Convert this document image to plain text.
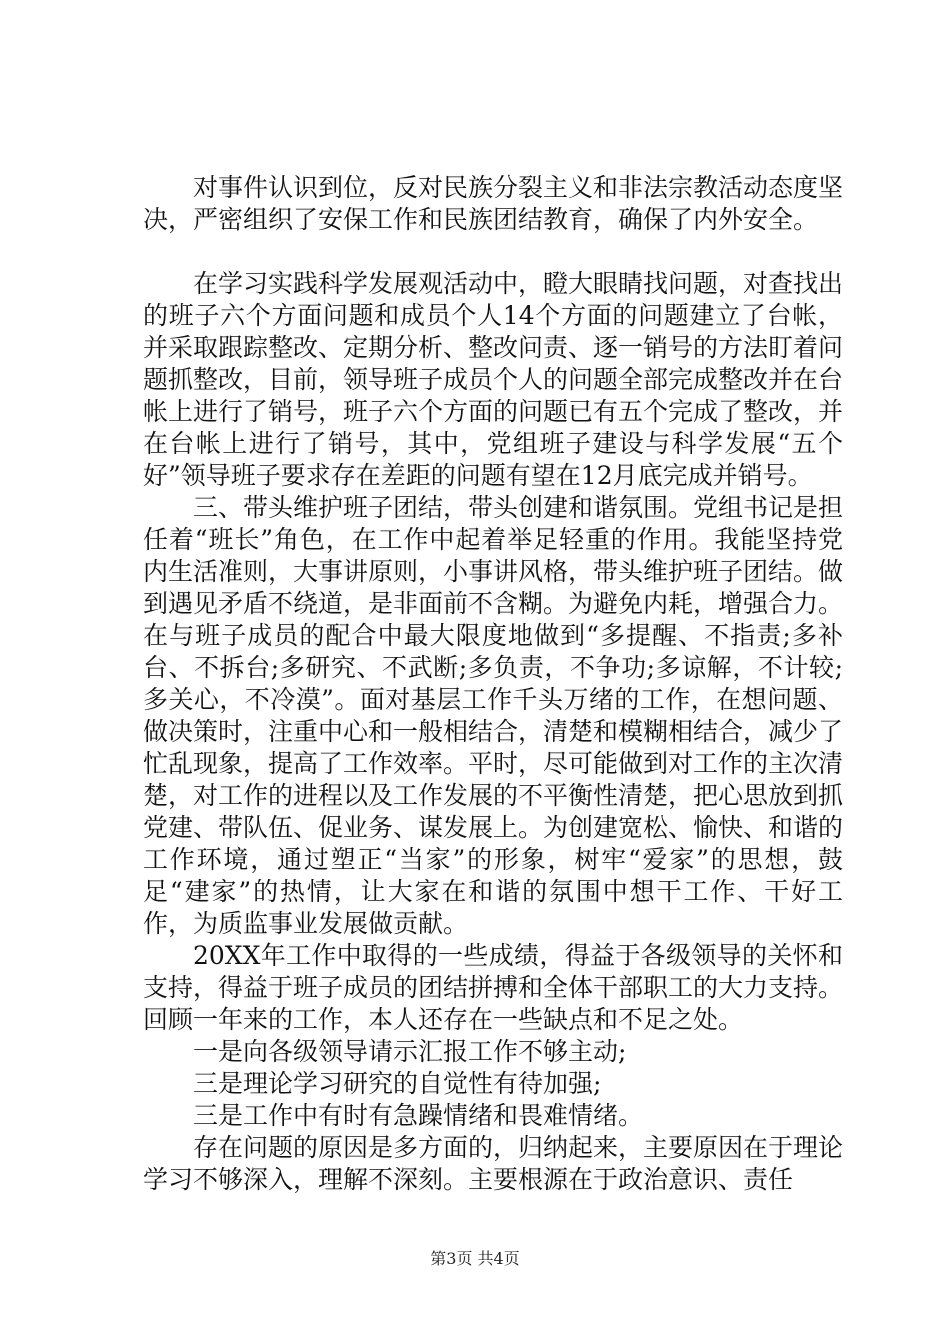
对事件认识到位，反对民族分裂主义和非法宗教活动态度坚决，严密组织了安保工作和民族团结教育，确保了内外安全。

在学习实践科学发展观活动中，瞪大眼睛找问题，对查找出的班子六个方面问题和成员个人14个方面的问题建立了台帐，并采取跟踪整改、定期分析、整改问责、逐一销号的方法盯着问题抓整改，目前，领导班子成员个人的问题全部完成整改并在台帐上进行了销号，班子六个方面的问题已有五个完成了整改，并在台帐上进行了销号，其中，党组班子建设与科学发展“五个好”领导班子要求存在差距的问题有望在12月底完成并销号。

三、带头维护班子团结，带头创建和谐氛围。党组书记是担任着“班长”角色，在工作中起着举足轻重的作用。我能坚持党内生活准则，大事讲原则，小事讲风格，带头维护班子团结。做到遇见矛盾不绕道，是非面前不含糊。为避免内耗，增强合力。在与班子成员的配合中最大限度地做到“多提醒、不指责;多补台、不拆台;多研究、不武断;多负责，不争功;多谅解，不计较;多关心，不冷漠”。面对基层工作千头万绪的工作，在想问题、做决策时，注重中心和一般相结合，清楚和模糊相结合，减少了忙乱现象，提高了工作效率。平时，尽可能做到对工作的主次清楚，对工作的进程以及工作发展的不平衡性清楚，把心思放到抓党建、带队伍、促业务、谋发展上。为创建宽松、愉快、和谐的工作环境，通过塑正“当家”的形象，树牢“爱家”的思想，鼓足“建家”的热情，让大家在和谐的氛围中想干工作、干好工作，为质监事业发展做贡献。

20XX年工作中取得的一些成绩，得益于各级领导的关怀和支持，得益于班子成员的团结拼搏和全体干部职工的大力支持。回顾一年来的工作，本人还存在一些缺点和不足之处。

一是向各级领导请示汇报工作不够主动;

三是理论学习研究的自觉性有待加强;

三是工作中有时有急躁情绪和畏难情绪。

存在问题的原因是多方面的，归纳起来，主要原因在于理论学习不够深入，理解不深刻。主要根源在于政治意识、责任

第3页 共4页
